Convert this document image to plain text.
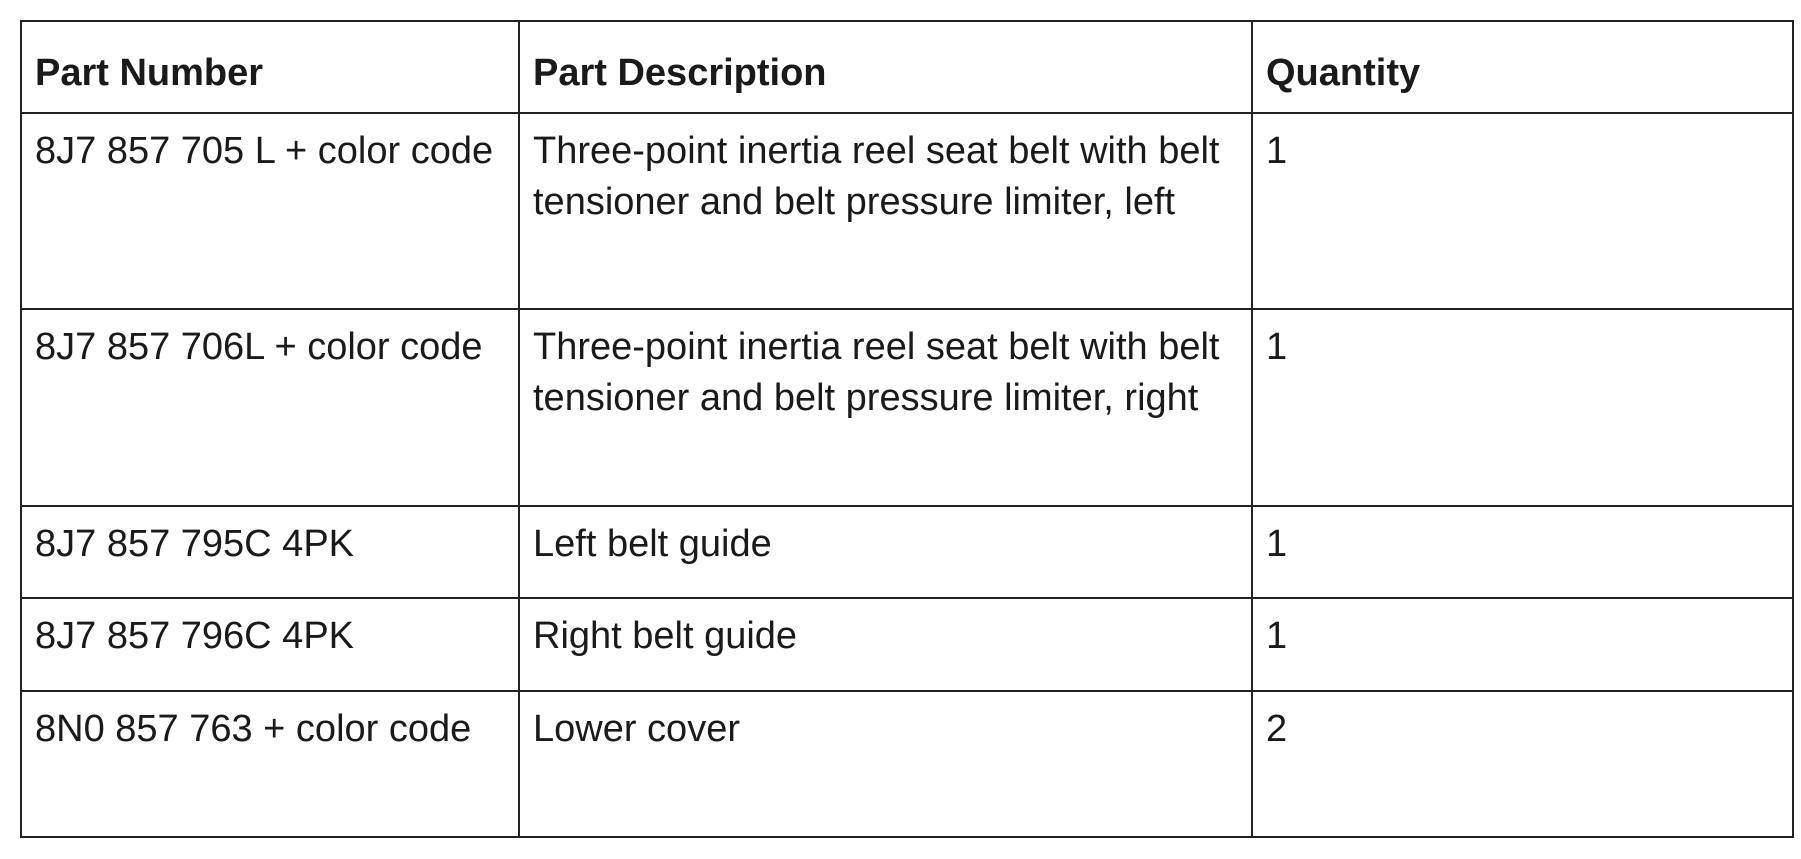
Part Number	Part Description	Quantity
8J7 857 705 L + color code	Three-point inertia reel seat belt with belt tensioner and belt pressure limiter, left	1
8J7 857 706L + color code	Three-point inertia reel seat belt with belt tensioner and belt pressure limiter, right	1
8J7 857 795C 4PK	Left belt guide	1
8J7 857 796C 4PK	Right belt guide	1
8N0 857 763 + color code	Lower cover	2
